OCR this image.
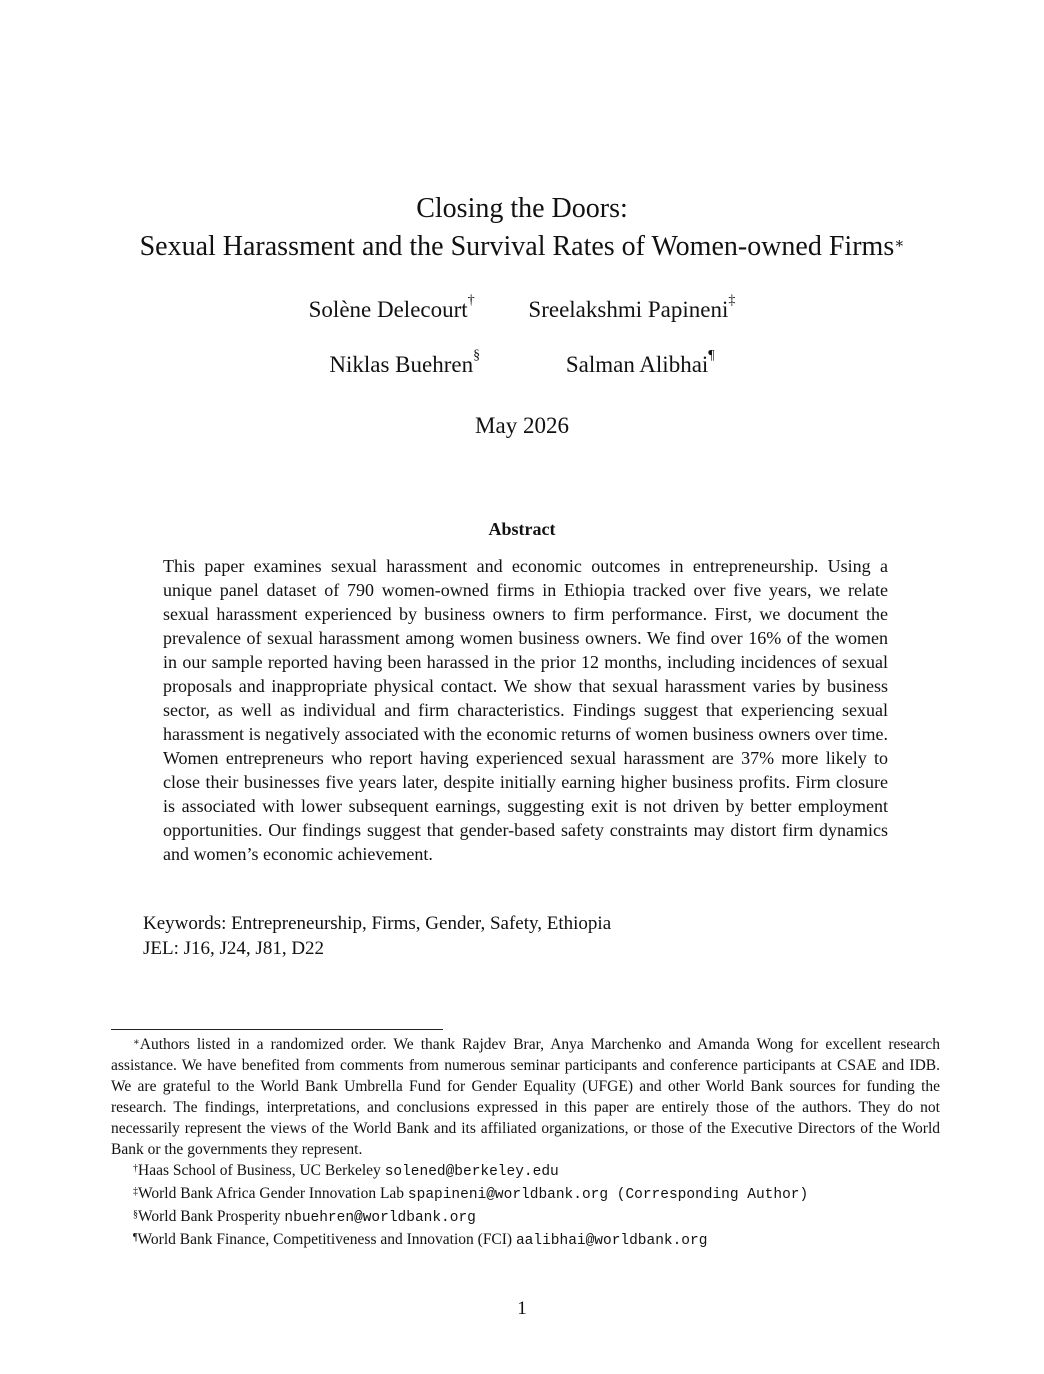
Closing the Doors:
Sexual Harassment and the Survival Rates of Women-owned Firms∗
Solène Delecourt† Sreelakshmi Papineni‡
Niklas Buehren§	Salman Alibhai¶
May 2026
Abstract
This paper examines sexual harassment and economic outcomes in entrepreneurship. Using a unique panel dataset of 790 women-owned firms in Ethiopia tracked over five years, we relate sexual harassment experienced by business owners to firm performance. First, we document the prevalence of sexual harassment among women business owners. We find over 16% of the women in our sample reported having been harassed in the prior 12 months, including incidences of sexual proposals and inappropriate physical contact. We show that sexual harassment varies by business sector, as well as individual and firm characteristics. Findings suggest that experiencing sexual harassment is negatively associated with the economic returns of women business owners over time. Women entrepreneurs who report having experienced sexual harassment are 37% more likely to close their businesses five years later, despite initially earning higher business profits. Firm closure is associated with lower subsequent earnings, suggesting exit is not driven by better employment opportunities. Our findings suggest that gender-based safety constraints may distort firm dynamics and women’s economic achievement.
Keywords: Entrepreneurship, Firms, Gender, Safety, Ethiopia
JEL: J16, J24, J81, D22
∗Authors listed in a randomized order. We thank Rajdev Brar, Anya Marchenko and Amanda Wong for excellent research assistance. We have benefited from comments from numerous seminar participants and conference participants at CSAE and IDB. We are grateful to the World Bank Umbrella Fund for Gender Equality (UFGE) and other World Bank sources for funding the research. The findings, interpretations, and conclusions expressed in this paper are entirely those of the authors. They do not necessarily represent the views of the World Bank and its affiliated organizations, or those of the Executive Directors of the World Bank or the governments they represent.
†Haas School of Business, UC Berkeley solened@berkeley.edu
‡World Bank Africa Gender Innovation Lab spapineni@worldbank.org (Corresponding Author)
§World Bank Prosperity nbuehren@worldbank.org
¶World Bank Finance, Competitiveness and Innovation (FCI) aalibhai@worldbank.org
1
